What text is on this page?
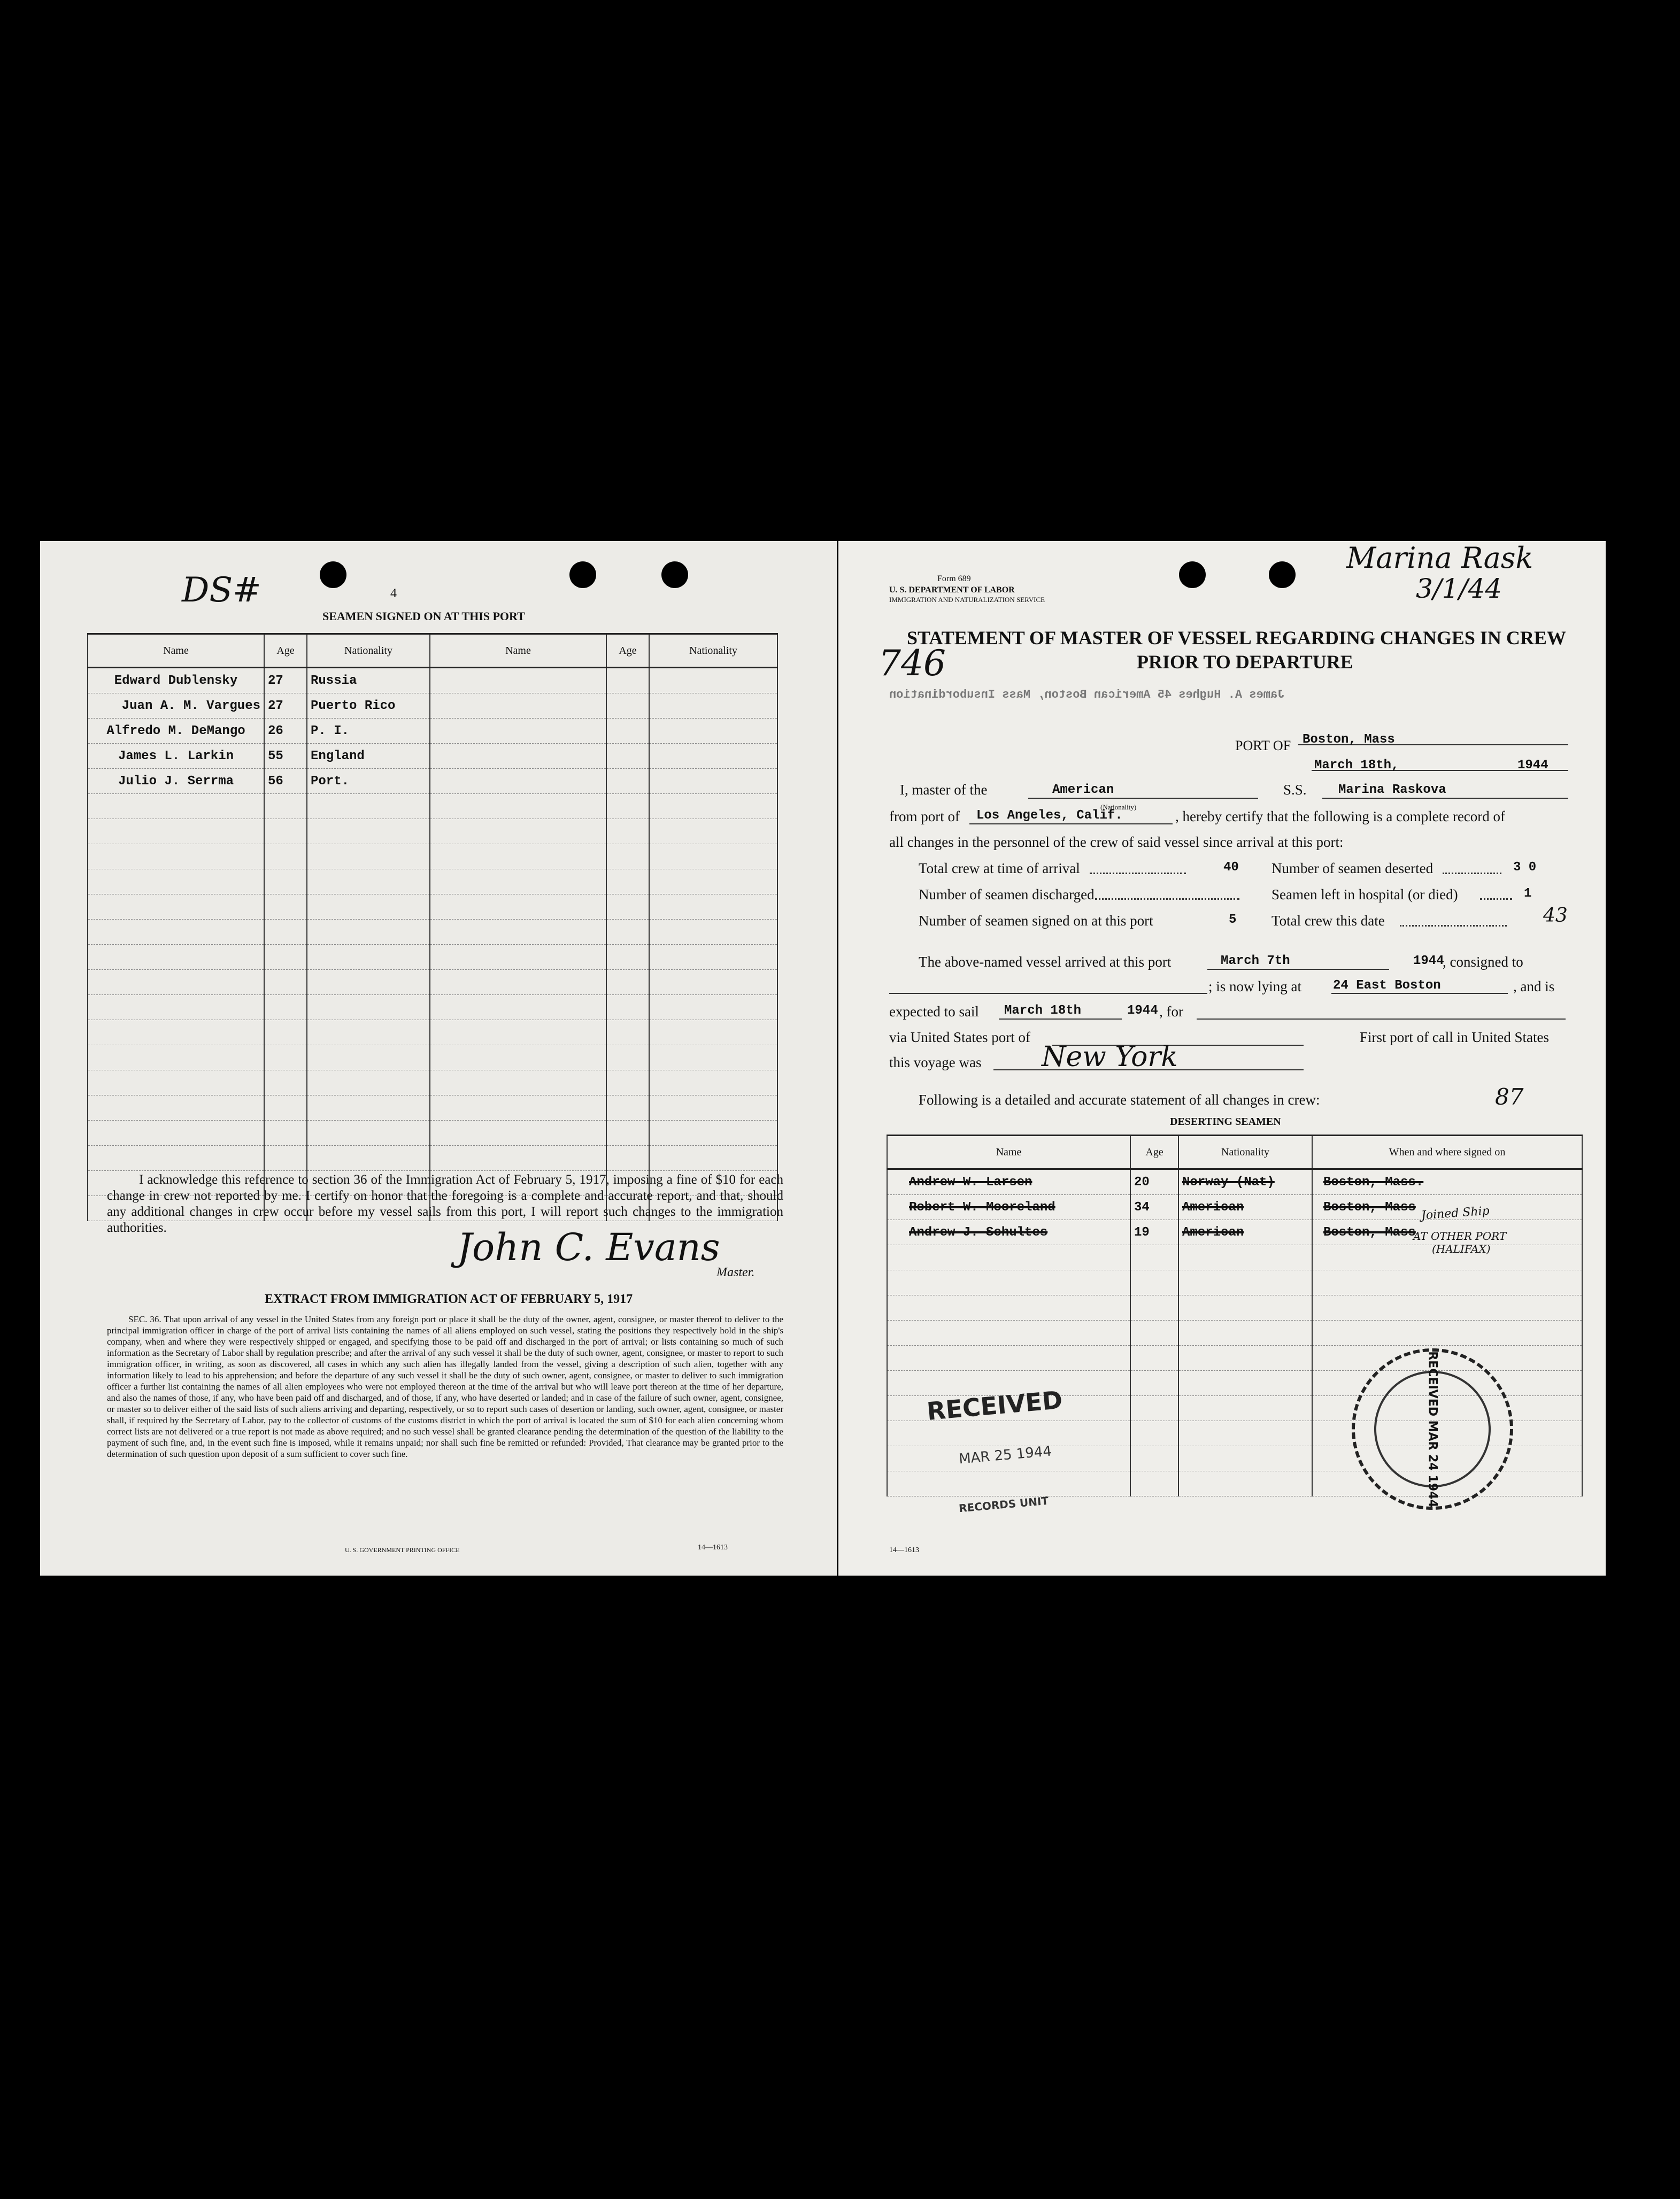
DS#	4
SEAMEN SIGNED ON AT THIS PORT
Name	Age	Nationality	Name	Age	Nationality
Edward Dublensky	27	Russia			
Juan A. M. Vargues	27	Puerto Rico			
Alfredo M. DeMango	26	P. I.			
James L. Larkin	55	England			
Julio J. Serrma	56	Port.			

I acknowledge this reference to section 36 of the Immigration Act of February 5, 1917, imposing a fine of $10 for each change in crew not reported by me. I certify on honor that the foregoing is a complete and accurate report, and that, should any additional changes in crew occur before my vessel sails from this port, I will report such changes to the immigration authorities.	John C. Evans
Master.
EXTRACT FROM IMMIGRATION ACT OF FEBRUARY 5, 1917
SEC. 36. That upon arrival of any vessel in the United States from any foreign port or place it shall be the duty of the owner, agent, consignee, or master thereof to deliver to the principal immigration officer in charge of the port of arrival lists containing the names of all aliens employed on such vessel, stating the positions they respectively hold in the ship's company, when and where they were respectively shipped or engaged, and specifying those to be paid off and discharged in the port of arrival; or lists containing so much of such information as the Secretary of Labor shall by regulation prescribe; and after the arrival of any such vessel it shall be the duty of such owner, agent, consignee, or master to report to such immigration officer, in writing, as soon as discovered, all cases in which any such alien has illegally landed from the vessel, giving a description of such alien, together with any information likely to lead to his apprehension; and before the departure of any such vessel it shall be the duty of such owner, agent, consignee, or master to deliver to such immigration officer a further list containing the names of all alien employees who were not employed thereon at the time of the arrival but who will leave port thereon at the time of her departure, and also the names of those, if any, who have been paid off and discharged, and of those, if any, who have deserted or landed; and in case of the failure of such owner, agent, consignee, or master so to deliver either of the said lists of such aliens arriving and departing, respectively, or so to report such cases of desertion or landing, such owner, agent, consignee, or master shall, if required by the Secretary of Labor, pay to the collector of customs of the customs district in which the port of arrival is located the sum of $10 for each alien concerning whom correct lists are not delivered or a true report is not made as above required; and no such vessel shall be granted clearance pending the determination of the question of the liability to the payment of such fine, and, in the event such fine is imposed, while it remains unpaid; nor shall such fine be remitted or refunded: Provided, That clearance may be granted prior to the determination of such question upon deposit of a sum sufficient to cover such fine.
U. S. GOVERNMENT PRINTING OFFICE	14—1613
Marina Rask
3/1/44
Form 689
U. S. DEPARTMENT OF LABOR
IMMIGRATION AND NATURALIZATION SERVICE
STATEMENT OF MASTER OF VESSEL REGARDING CHANGES IN CREW
PRIOR TO DEPARTURE
746
James A. Hughes 45 American Boston, Mass Insubordination
PORT OF Boston, Mass
March 18th,	1944
I, master of the	American	S.S. Marina Raskova
from port of Los Angeles, Calif.
(Nationality)
, hereby certify that the following is a complete record of
all changes in the personnel of the crew of said vessel since arrival at this port:
Total crew at time of arrival	40 Number of seamen deserted	3 0
Number of seamen discharged	Seamen left in hospital (or died)	1
Number of seamen signed on at this port	5 Total crew this date	43
The above-named vessel arrived at this port	March 7th	1944
, consigned to
; is now lying at 24 East Boston	, and is
expected to sail March 18th	1944 , for
via United States port of	First port of call in United States
this voyage was New York
Following is a detailed and accurate statement of all changes in crew:	87
DESERTING SEAMEN
Name	Age	Nationality	When and where signed on
Andrew W. Larsen	20	Norway (Nat)	Boston, Mass.
Robert W. Mooreland	34	American	Boston, Mass
Andrew J. Schultes	19	American	Boston, Mass

Joined Ship
AT OTHER PORT
(HALIFAX)
RECEIVED
MAR 25 1944
RECORDS UNIT	RECEIVED MAR 24 1944
14—1613
